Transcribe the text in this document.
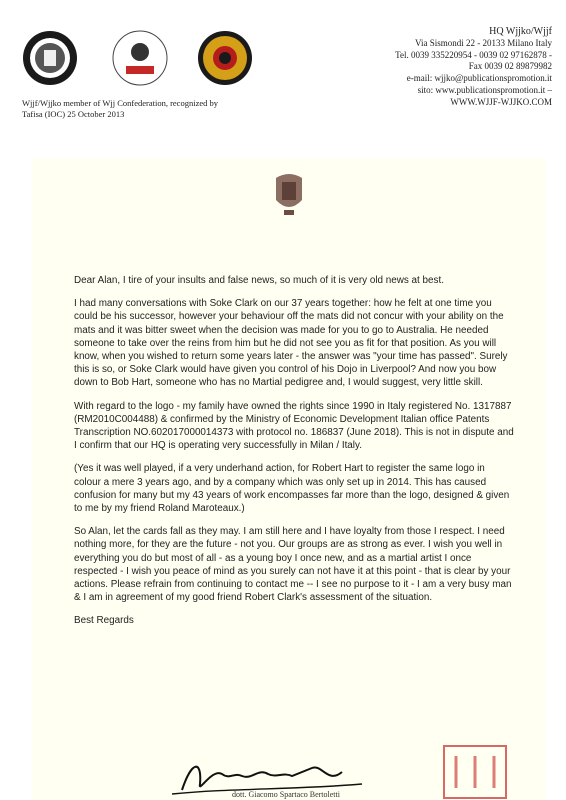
Wjjf/Wjjko member of Wjj Confederation, recognized by Tafisa (IOC) 25 October 2013
HQ Wjjko/Wjjf
Via Sismondi 22 - 20133 Milano Italy
Tel. 0039 335220954 - 0039 02 97162878 -
Fax 0039 02 89879982
e-mail: wjjko@publicationspromotion.it
sito: www.publicationspromotion.it –
WWW.WJJF-WJJKO.COM

Dear Alan, I tire of your insults and false news, so much of it is very old news at best.

I had many conversations with Soke Clark on our 37 years together: how he felt at one time you could be his successor, however your behaviour off the mats did not concur with your ability on the mats and it was bitter sweet when the decision was made for you to go to Australia. He needed someone to take over the reins from him but he did not see you as fit for that position. As you will know, when you wished to return some years later - the answer was "your time has passed". Surely this is so, or Soke Clark would have given you control of his Dojo in Liverpool? And now you bow down to Bob Hart, someone who has no Martial pedigree and, I would suggest, very little skill.

With regard to the logo - my family have owned the rights since 1990 in Italy registered No. 1317887 (RM2010C004488) & confirmed by the Ministry of Economic Development Italian office Patents Transcription NO.602017000014373 with protocol no. 186837 (June 2018). This is not in dispute and I confirm that our HQ is operating very successfully in Milan / Italy.

(Yes it was well played, if a very underhand action, for Robert Hart to register the same logo in colour a mere 3 years ago, and by a company which was only set up in 2014. This has caused confusion for many but my 43 years of work encompasses far more than the logo, designed & given to me by my friend Roland Maroteaux.)

So Alan, let the cards fall as they may. I am still here and I have loyalty from those I respect. I need nothing more, for they are the future - not you. Our groups are as strong as ever. I wish you well in everything you do but most of all - as a young boy I once new, and as a martial artist I once respected - I wish you peace of mind as you surely can not have it at this point - that is clear by your actions. Please refrain from continuing to contact me -- I see no purpose to it - I am a very busy man & I am in agreement of my good friend Robert Clark's assessment of the situation.

Best Regards

dott. Giacomo Spartaco Bertoletti
